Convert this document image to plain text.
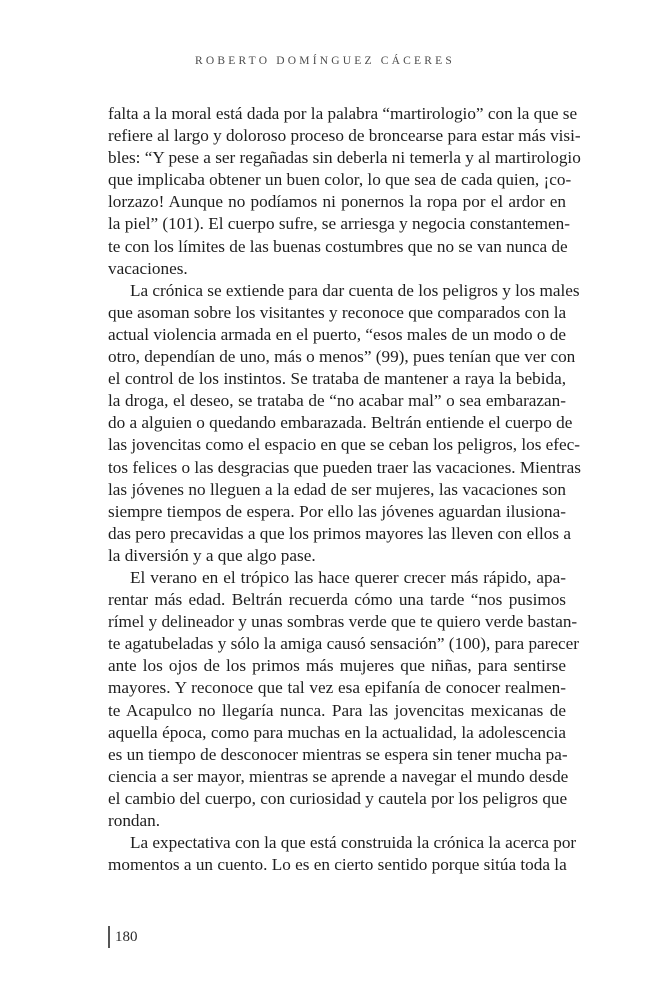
ROBERTO DOMÍNGUEZ CÁCERES

falta a la moral está dada por la palabra “martirologio” con la que se
refiere al largo y doloroso proceso de broncearse para estar más visi-
bles: “Y pese a ser regañadas sin deberla ni temerla y al martirologio
que implicaba obtener un buen color, lo que sea de cada quien, ¡co-
lorzazo! Aunque no podíamos ni ponernos la ropa por el ardor en
la piel” (101). El cuerpo sufre, se arriesga y negocia constantemen-
te con los límites de las buenas costumbres que no se van nunca de
vacaciones.
La crónica se extiende para dar cuenta de los peligros y los males
que asoman sobre los visitantes y reconoce que comparados con la
actual violencia armada en el puerto, “esos males de un modo o de
otro, dependían de uno, más o menos” (99), pues tenían que ver con
el control de los instintos. Se trataba de mantener a raya la bebida,
la droga, el deseo, se trataba de “no acabar mal” o sea embarazan-
do a alguien o quedando embarazada. Beltrán entiende el cuerpo de
las jovencitas como el espacio en que se ceban los peligros, los efec-
tos felices o las desgracias que pueden traer las vacaciones. Mientras
las jóvenes no lleguen a la edad de ser mujeres, las vacaciones son
siempre tiempos de espera. Por ello las jóvenes aguardan ilusiona-
das pero precavidas a que los primos mayores las lleven con ellos a
la diversión y a que algo pase.
El verano en el trópico las hace querer crecer más rápido, apa-
rentar más edad. Beltrán recuerda cómo una tarde “nos pusimos
rímel y delineador y unas sombras verde que te quiero verde bastan-
te agatubeladas y sólo la amiga causó sensación” (100), para parecer
ante los ojos de los primos más mujeres que niñas, para sentirse
mayores. Y reconoce que tal vez esa epifanía de conocer realmen-
te Acapulco no llegaría nunca. Para las jovencitas mexicanas de
aquella época, como para muchas en la actualidad, la adolescencia
es un tiempo de desconocer mientras se espera sin tener mucha pa-
ciencia a ser mayor, mientras se aprende a navegar el mundo desde
el cambio del cuerpo, con curiosidad y cautela por los peligros que
rondan.
La expectativa con la que está construida la crónica la acerca por
momentos a un cuento. Lo es en cierto sentido porque sitúa toda la
180
